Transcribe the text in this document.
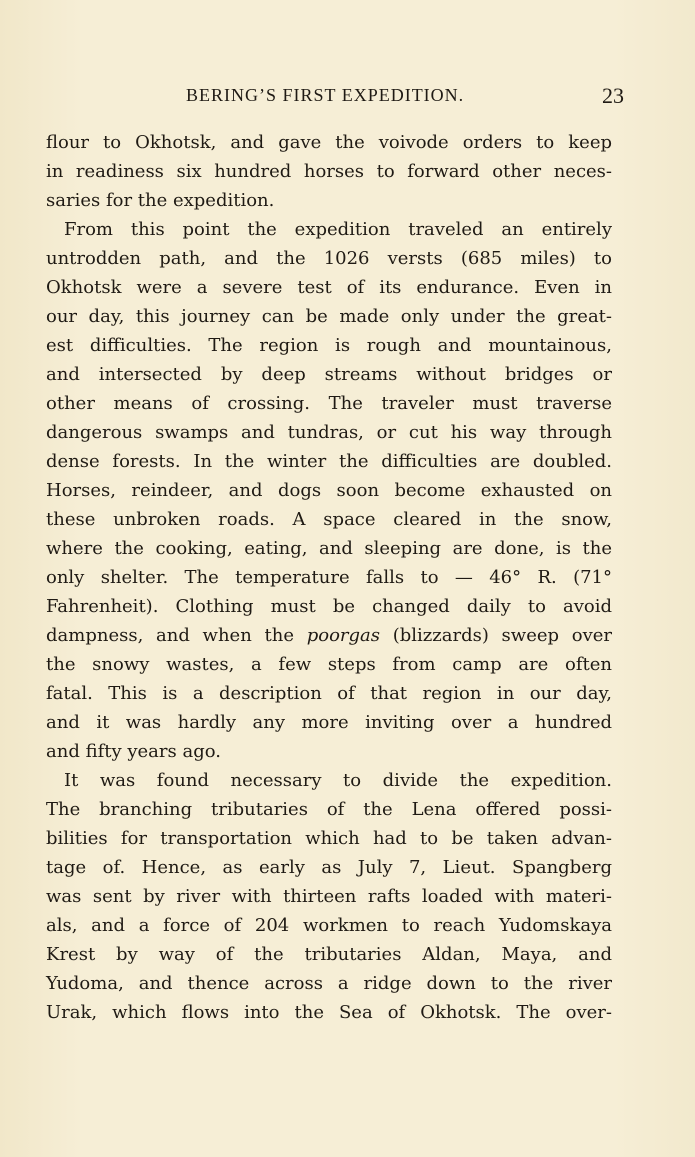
BERING’S FIRST EXPEDITION.	23
flour to Okhotsk, and gave the voivode orders to keep
in readiness six hundred horses to forward other neces-
saries for the expedition.
From this point the expedition traveled an entirely
untrodden path, and the 1026 versts (685 miles) to
Okhotsk were a severe test of its endurance. Even in
our day, this journey can be made only under the great-
est difficulties. The region is rough and mountainous,
and intersected by deep streams without bridges or
other means of crossing. The traveler must traverse
dangerous swamps and tundras, or cut his way through
dense forests. In the winter the difficulties are doubled.
Horses, reindeer, and dogs soon become exhausted on
these unbroken roads. A space cleared in the snow,
where the cooking, eating, and sleeping are done, is the
only shelter. The temperature falls to — 46° R. (71°
Fahrenheit). Clothing must be changed daily to avoid
dampness, and when the poorgas (blizzards) sweep over
the snowy wastes, a few steps from camp are often
fatal. This is a description of that region in our day,
and it was hardly any more inviting over a hundred
and fifty years ago.
It was found necessary to divide the expedition.
The branching tributaries of the Lena offered possi-
bilities for transportation which had to be taken advan-
tage of. Hence, as early as July 7, Lieut. Spangberg
was sent by river with thirteen rafts loaded with materi-
als, and a force of 204 workmen to reach Yudomskaya
Krest by way of the tributaries Aldan, Maya, and
Yudoma, and thence across a ridge down to the river
Urak, which flows into the Sea of Okhotsk. The over-
